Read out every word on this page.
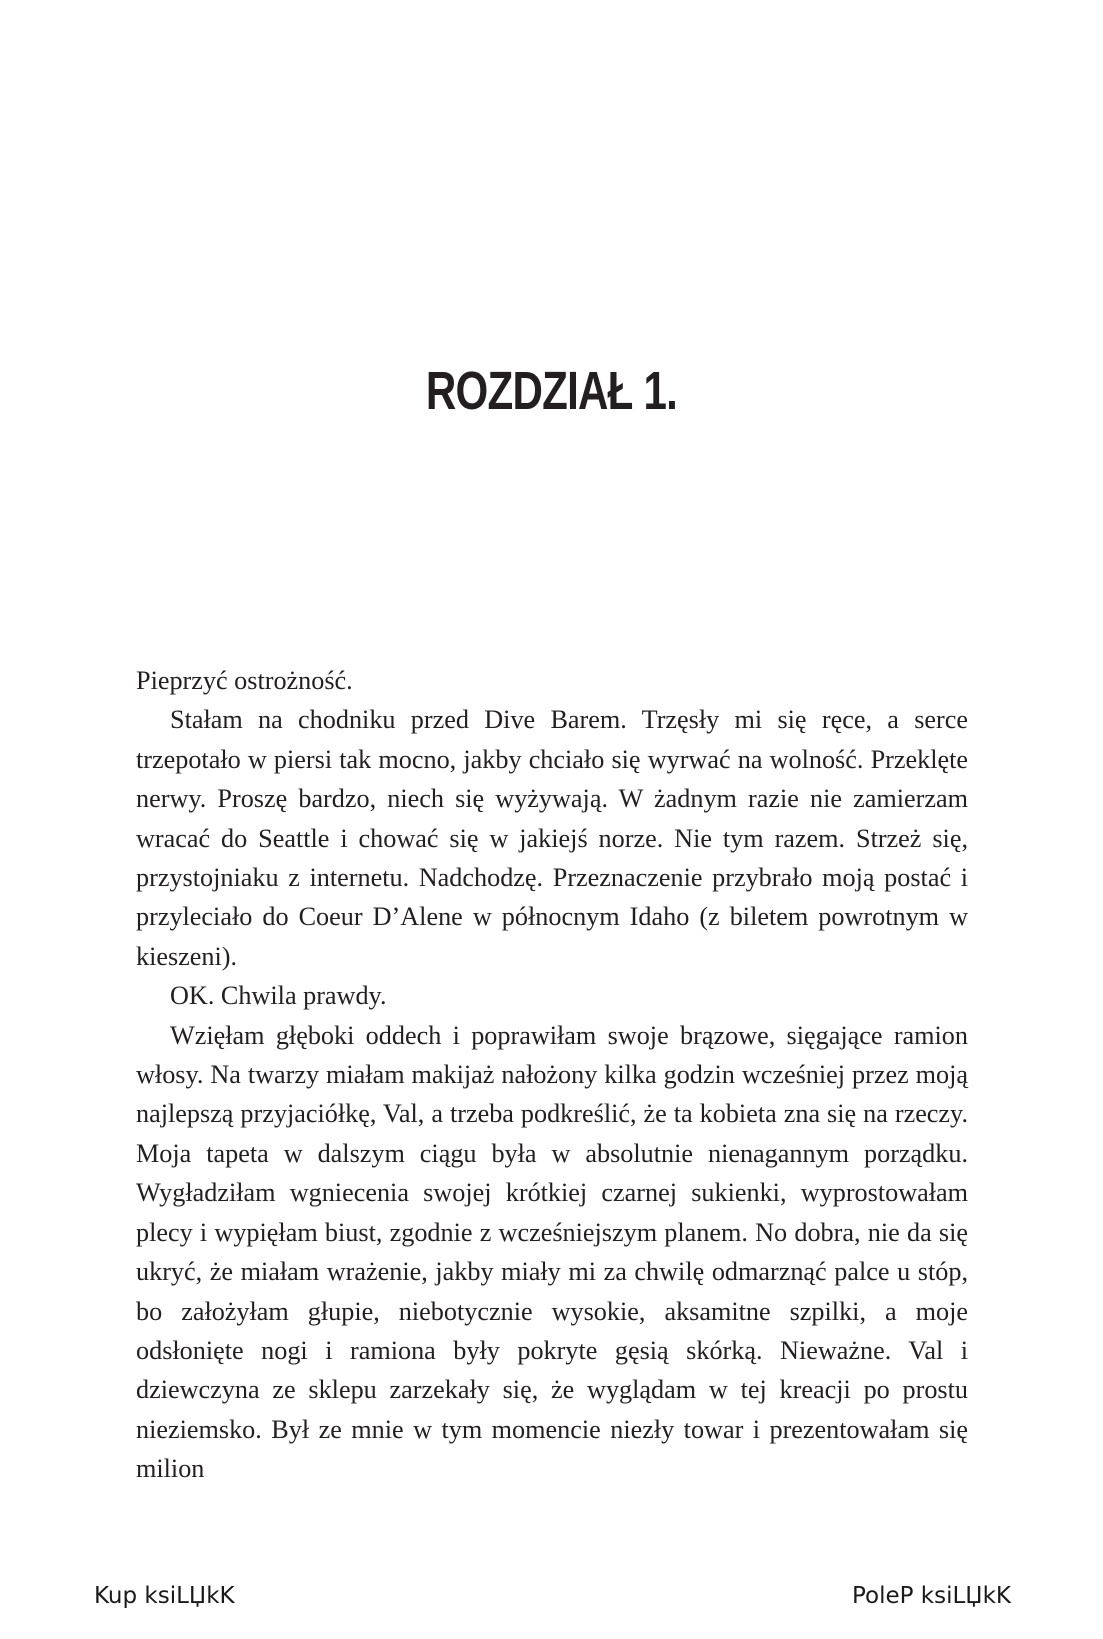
ROZDZIAŁ 1.

Pieprzyć ostrożność.

Stałam na chodniku przed Dive Barem. Trzęsły mi się ręce, a serce trzepotało w piersi tak mocno, jakby chciało się wyrwać na wolność. Przeklęte nerwy. Proszę bardzo, niech się wyżywają. W żadnym razie nie zamierzam wracać do Seattle i chować się w jakiejś norze. Nie tym razem. Strzeż się, przystojniaku z internetu. Nadchodzę. Przeznaczenie przybrało moją postać i przyleciało do Coeur D’Alene w północnym Idaho (z biletem powrotnym w kieszeni).

OK. Chwila prawdy.

Wzięłam głęboki oddech i poprawiłam swoje brązowe, sięgające ramion włosy. Na twarzy miałam makijaż nałożony kilka godzin wcześniej przez moją najlepszą przyjaciółkę, Val, a trzeba podkreślić, że ta kobieta zna się na rzeczy. Moja tapeta w dalszym ciągu była w absolutnie nienagannym porządku. Wygładziłam wgniecenia swojej krótkiej czarnej sukienki, wyprostowałam plecy i wypięłam biust, zgodnie z wcześniejszym planem. No dobra, nie da się ukryć, że miałam wrażenie, jakby miały mi za chwilę odmarznąć palce u stóp, bo założyłam głupie, niebotycznie wysokie, aksamitne szpilki, a moje odsłonięte nogi i ramiona były pokryte gęsią skórką. Nieważne. Val i dziewczyna ze sklepu zarzekały się, że wyglądam w tej kreacji po prostu nieziemsko. Był ze mnie w tym momencie niezły towar i prezentowałam się milion

Kup ksiLЏkK	PoleP ksiLЏkK
